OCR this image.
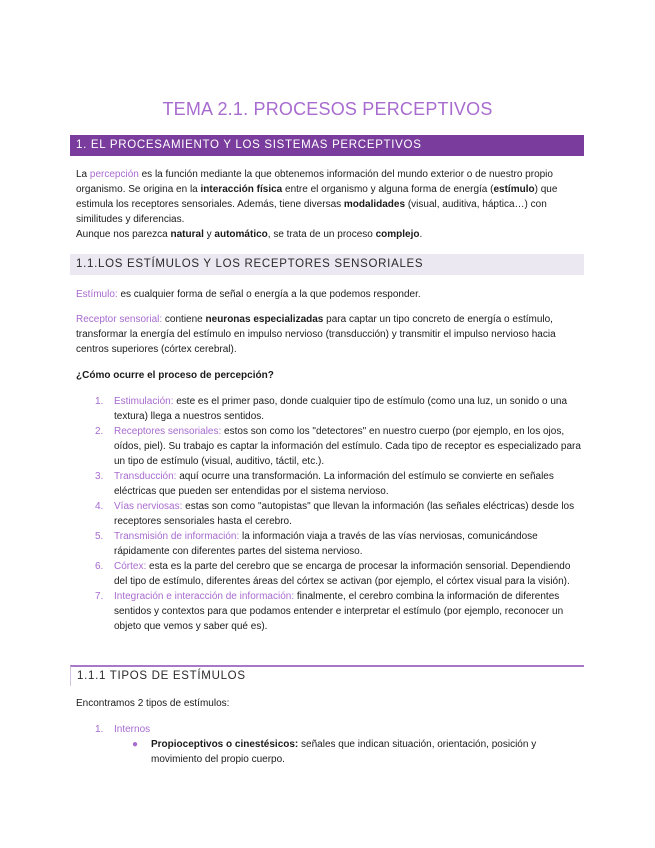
TEMA 2.1. PROCESOS PERCEPTIVOS
1. EL PROCESAMIENTO Y LOS SISTEMAS PERCEPTIVOS

La percepción es la función mediante la que obtenemos información del mundo exterior o de nuestro propio organismo. Se origina en la interacción física entre el organismo y alguna forma de energía (estímulo) que estimula los receptores sensoriales. Además, tiene diversas modalidades (visual, auditiva, háptica…) con similitudes y diferencias.

Aunque nos parezca natural y automático, se trata de un proceso complejo.

1.1.LOS ESTÍMULOS Y LOS RECEPTORES SENSORIALES

Estímulo: es cualquier forma de señal o energía a la que podemos responder.

Receptor sensorial: contiene neuronas especializadas para captar un tipo concreto de energía o estímulo, transformar la energía del estímulo en impulso nervioso (transducción) y transmitir el impulso nervioso hacia centros superiores (córtex cerebral).

¿Cómo ocurre el proceso de percepción?

1. Estimulación: este es el primer paso, donde cualquier tipo de estímulo (como una luz, un sonido o una textura) llega a nuestros sentidos.
2. Receptores sensoriales: estos son como los "detectores" en nuestro cuerpo (por ejemplo, en los ojos, oídos, piel). Su trabajo es captar la información del estímulo. Cada tipo de receptor es especializado para un tipo de estímulo (visual, auditivo, táctil, etc.).
3. Transducción: aquí ocurre una transformación. La información del estímulo se convierte en señales eléctricas que pueden ser entendidas por el sistema nervioso.
4. Vías nerviosas: estas son como "autopistas" que llevan la información (las señales eléctricas) desde los receptores sensoriales hasta el cerebro.
5. Transmisión de información: la información viaja a través de las vías nerviosas, comunicándose rápidamente con diferentes partes del sistema nervioso.
6. Córtex: esta es la parte del cerebro que se encarga de procesar la información sensorial. Dependiendo del tipo de estímulo, diferentes áreas del córtex se activan (por ejemplo, el córtex visual para la visión).
7. Integración e interacción de información: finalmente, el cerebro combina la información de diferentes sentidos y contextos para que podamos entender e interpretar el estímulo (por ejemplo, reconocer un objeto que vemos y saber qué es).
1.1.1 TIPOS DE ESTÍMULOS

Encontramos 2 tipos de estímulos:

1. Internos
●	Propioceptivos o cinestésicos: señales que indican situación, orientación, posición y movimiento del propio cuerpo.
